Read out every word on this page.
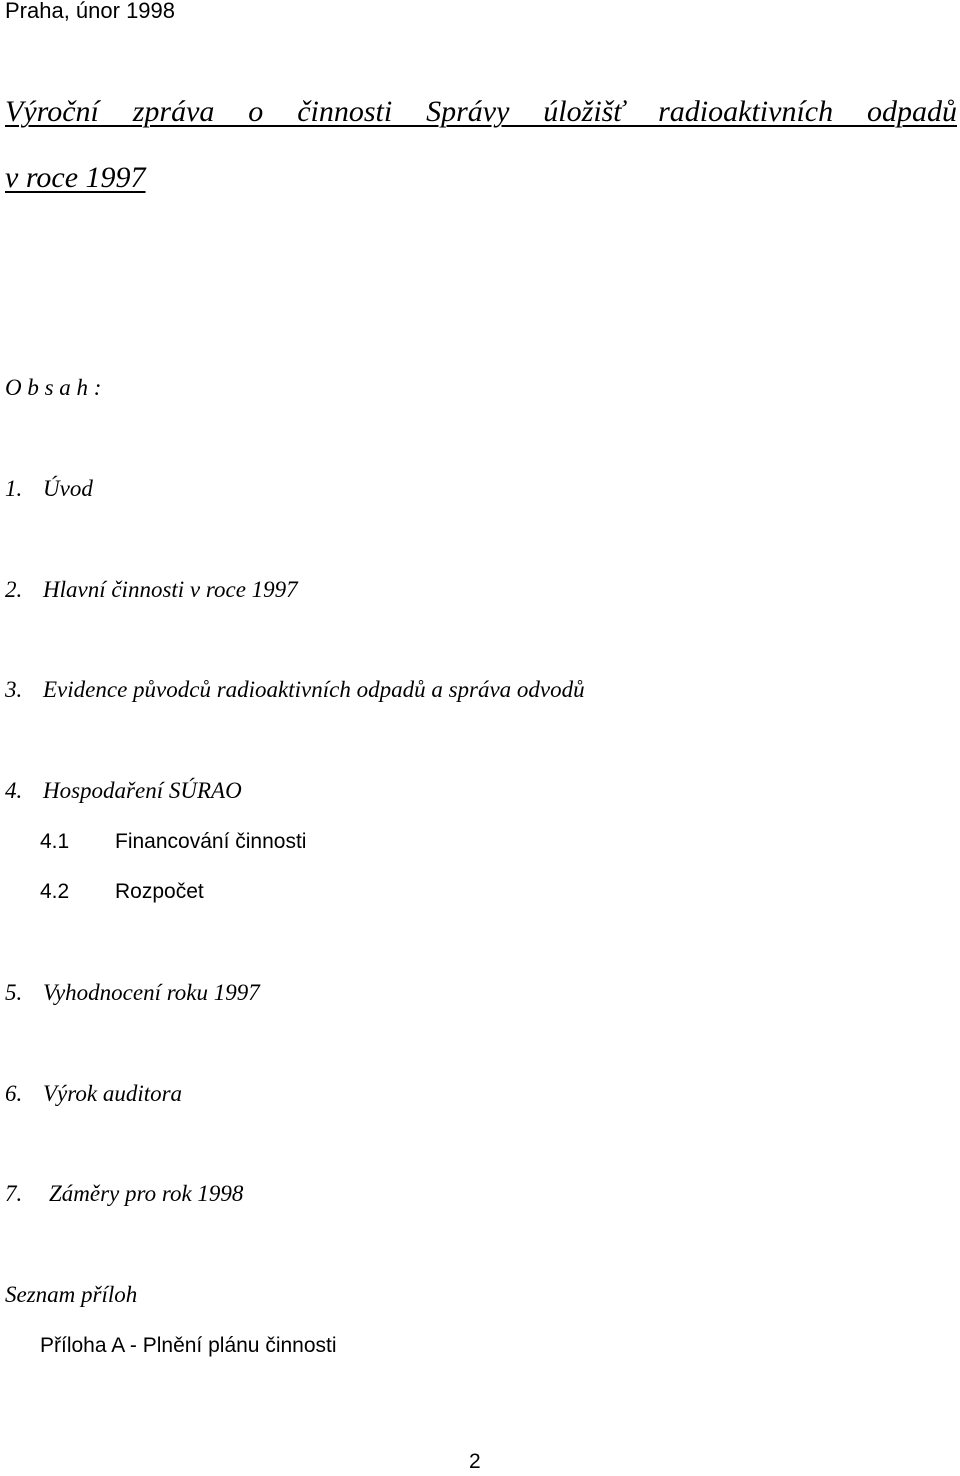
Praha, únor 1998
Výroční zpráva o činnosti Správy úložišť radioaktivních odpadů
v roce 1997
O b s a h :
1. Úvod
2. Hlavní činnosti v roce 1997
3. Evidence původců radioaktivních odpadů a správa odvodů
4. Hospodaření SÚRAO
4.1 Financování činnosti
4.2 Rozpočet
5. Vyhodnocení roku 1997
6. Výrok auditora
7. Záměry pro rok 1998
Seznam příloh
Příloha A - Plnění plánu činnosti
2
